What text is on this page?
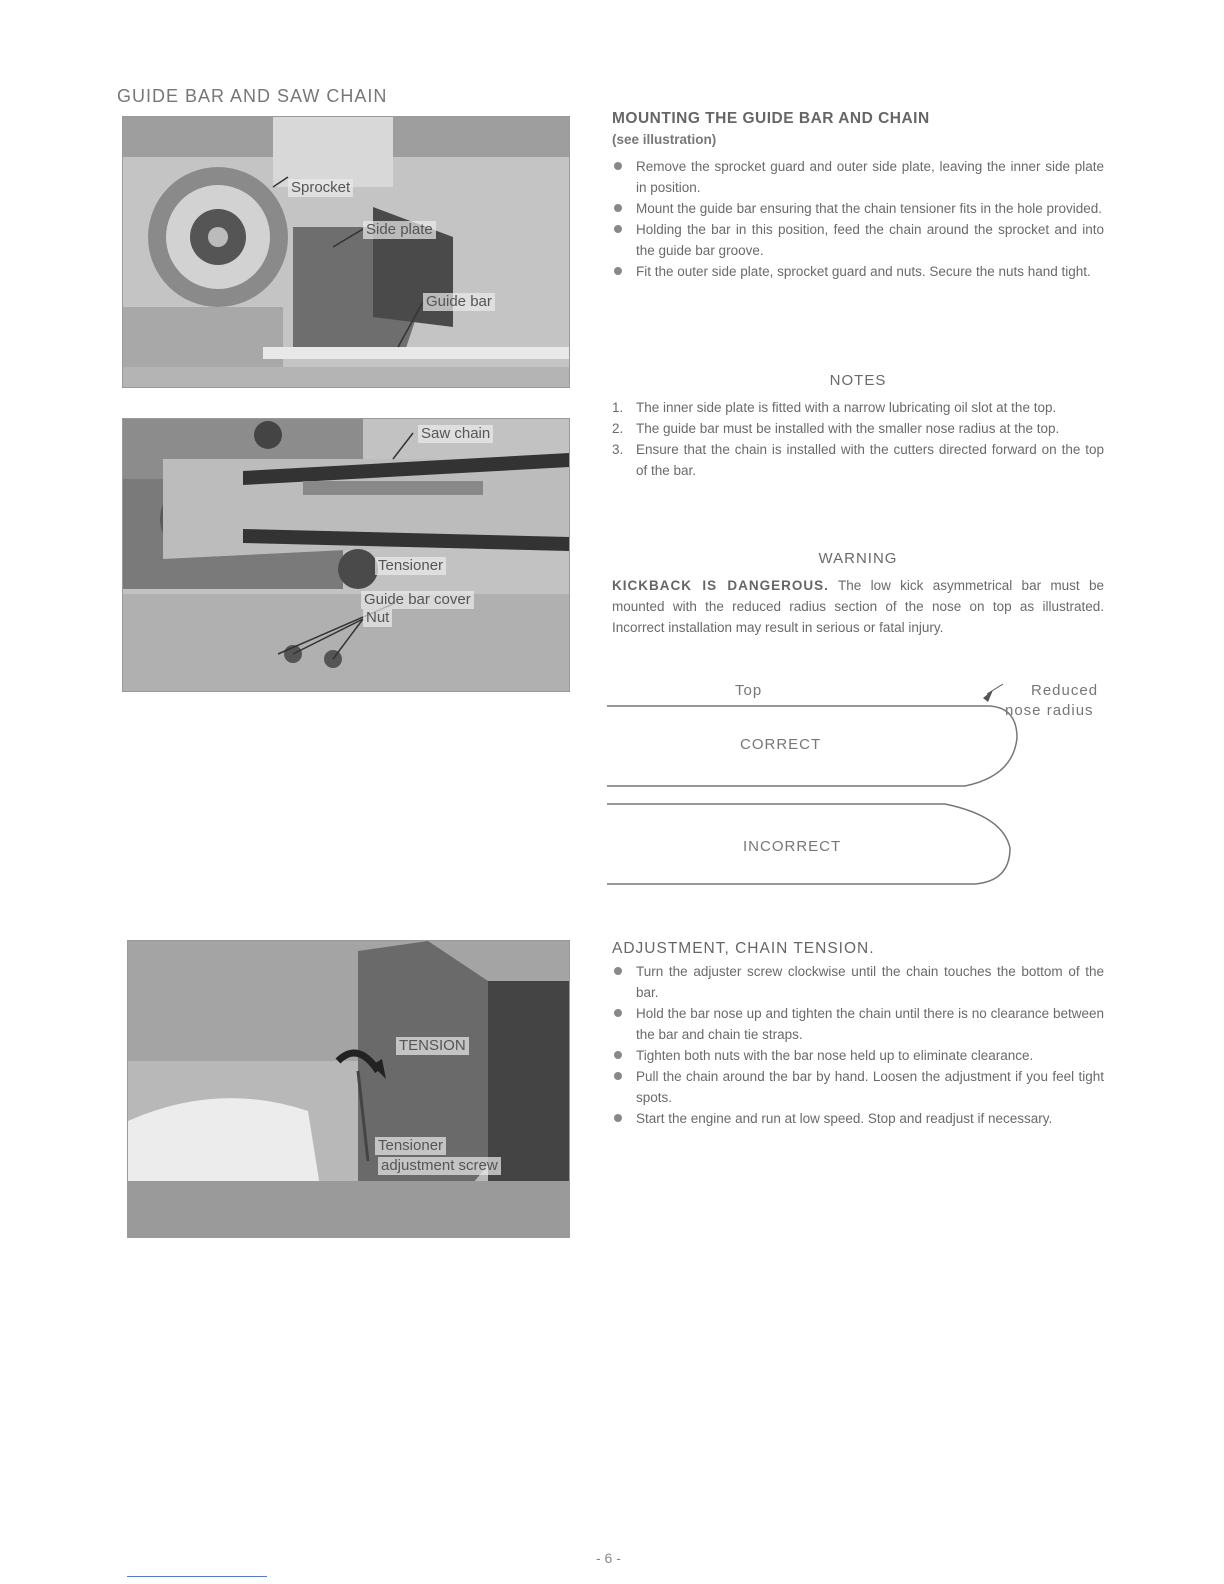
GUIDE BAR AND SAW CHAIN
Sprocket
Side plate
Guide bar
Saw chain
Tensioner
Guide bar cover
Nut
TENSION
Tensioner
adjustment screw
MOUNTING THE GUIDE BAR AND CHAIN
(see illustration)
Remove the sprocket guard and outer side plate, leaving the inner side plate in position.
Mount the guide bar ensuring that the chain tensioner fits in the hole provided.
Holding the bar in this position, feed the chain around the sprocket and into the guide bar groove.
Fit the outer side plate, sprocket guard and nuts. Secure the nuts hand tight.
NOTES
1. The inner side plate is fitted with a narrow lubricating oil slot at the top.
2. The guide bar must be installed with the smaller nose radius at the top.
3. Ensure that the chain is installed with the cutters directed forward on the top of the bar.
WARNING
KICKBACK IS DANGEROUS. The low kick asymmetrical bar must be mounted with the reduced radius section of the nose on top as illustrated. Incorrect installation may result in serious or fatal injury.
Top	Reduced
nose radius
CORRECT
INCORRECT
ADJUSTMENT, CHAIN TENSION.
Turn the adjuster screw clockwise until the chain touches the bottom of the bar.
Hold the bar nose up and tighten the chain until there is no clearance between the bar and chain tie straps.
Tighten both nuts with the bar nose held up to eliminate clearance.
Pull the chain around the bar by hand. Loosen the adjustment if you feel tight spots.
Start the engine and run at low speed. Stop and readjust if necessary.
- 6 -
